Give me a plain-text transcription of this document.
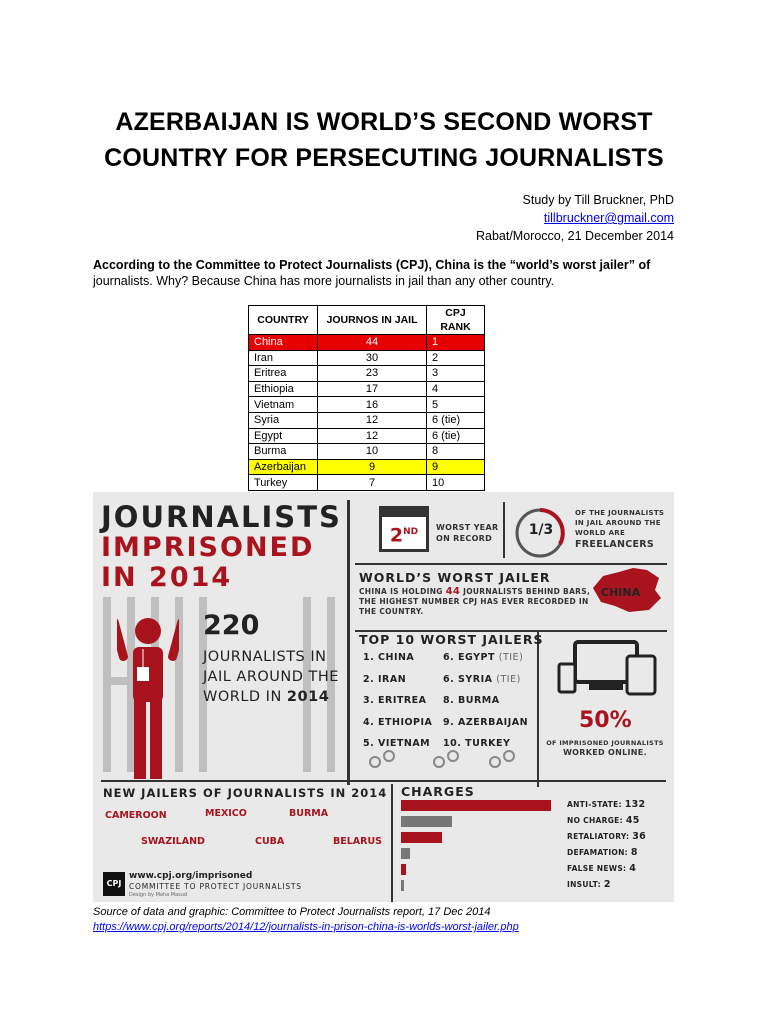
AZERBAIJAN IS WORLD’S SECOND WORST
COUNTRY FOR PERSECUTING JOURNALISTS
Study by Till Bruckner, PhD
tillbruckner@gmail.com
Rabat/Morocco, 21 December 2014
According to the Committee to Protect Journalists (CPJ), China is the “world’s worst jailer” of
journalists. Why? Because China has more journalists in jail than any other country.
COUNTRY	JOURNOS IN JAIL	CPJ RANK
China	44	1
Iran	30	2
Eritrea	23	3
Ethiopia	17	4
Vietnam	16	5
Syria	12	6 (tie)
Egypt	12	6 (tie)
Burma	10	8
Azerbaijan	9	9
Turkey	7	10
JOURNALISTS
IMPRISONED
IN 2014
220
JOURNALISTS IN
JAIL AROUND THE
WORLD IN 2014
2ND	WORST YEAR
ON RECORD
1/3
OF THE JOURNALISTS
IN JAIL AROUND THE
WORLD ARE
FREELANCERS
WORLD’S WORST JAILER
CHINA IS HOLDING 44 JOURNALISTS BEHIND BARS,
THE HIGHEST NUMBER CPJ HAS EVER RECORDED IN
THE COUNTRY.
CHINA
TOP 10 WORST JAILERS
1. CHINA
2. IRAN
3. ERITREA
4. ETHIOPIA
5. VIETNAM
6. EGYPT (TIE)
6. SYRIA (TIE)
8. BURMA
9. AZERBAIJAN
10. TURKEY
50%
OF IMPRISONED JOURNALISTS
WORKED ONLINE.
NEW JAILERS OF JOURNALISTS IN 2014
CAMEROON	MEXICO	BURMA
SWAZILAND	CUBA	BELARUS
CPJ
www.cpj.org/imprisoned
COMMITTEE TO PROTECT JOURNALISTS
Design by Maha Masud
CHARGES
ANTI-STATE: 132
NO CHARGE: 45
RETALIATORY: 36
DEFAMATION: 8
FALSE NEWS: 4
INSULT: 2
Source of data and graphic: Committee to Protect Journalists report, 17 Dec 2014
https://www.cpj.org/reports/2014/12/journalists-in-prison-china-is-worlds-worst-jailer.php
